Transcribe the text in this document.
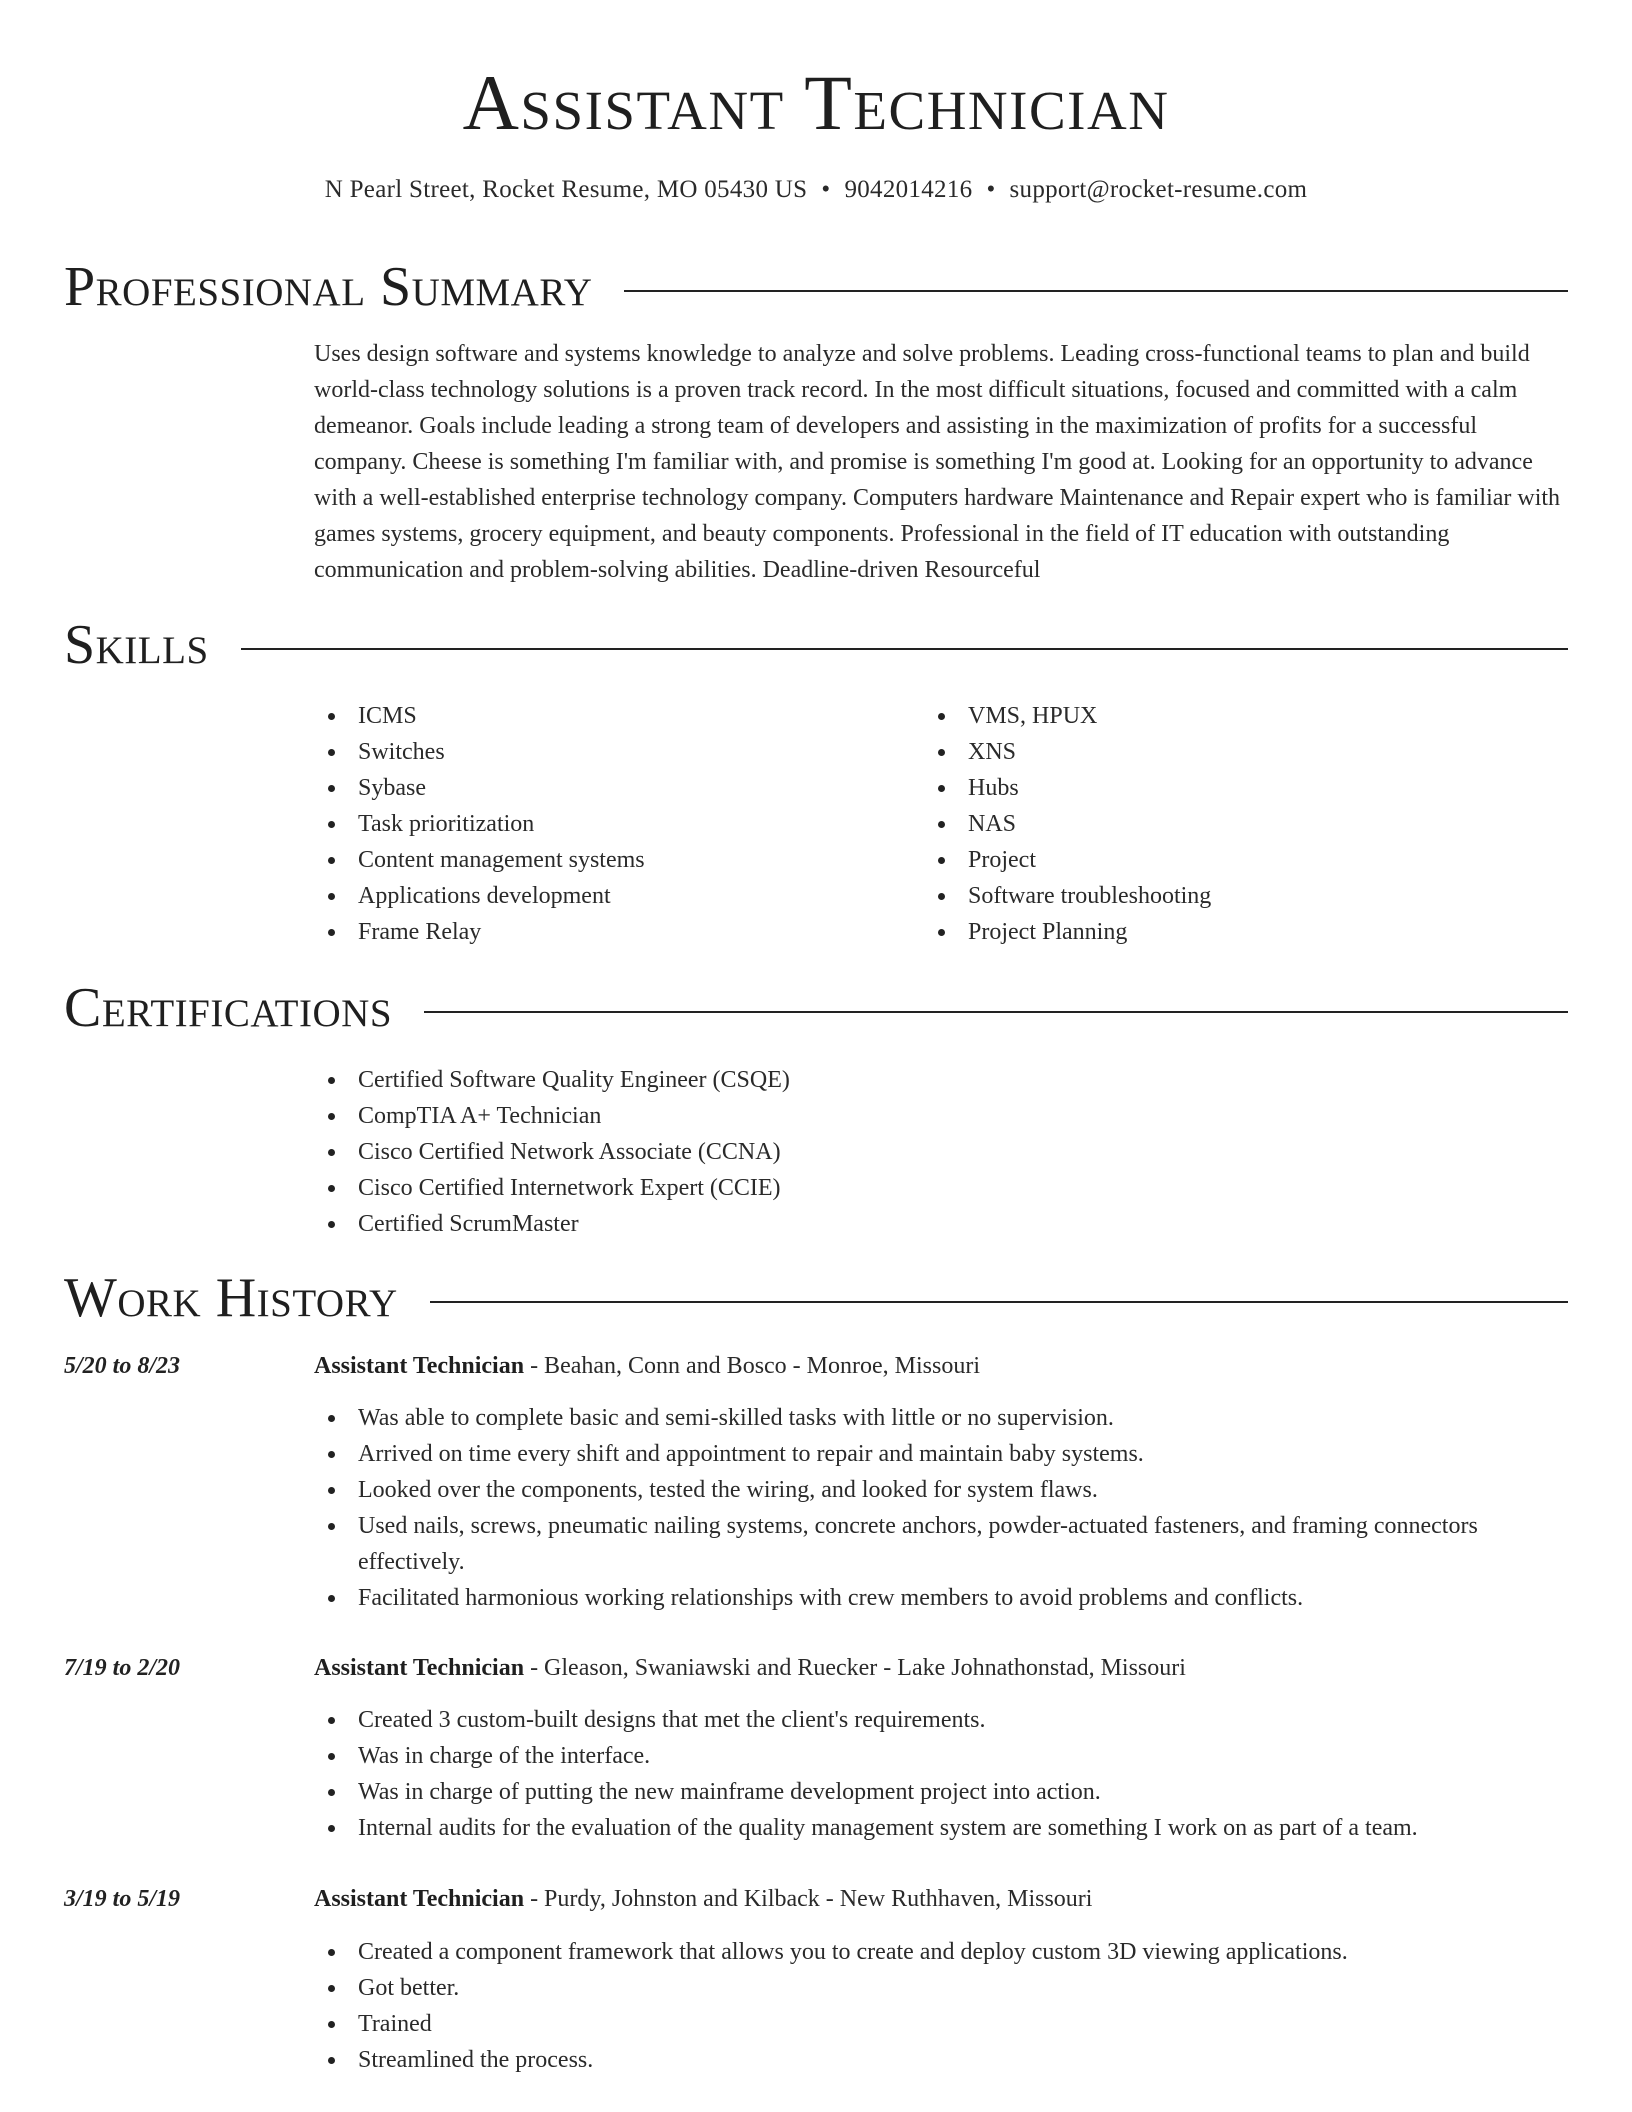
Assistant Technician
N Pearl Street, Rocket Resume, MO 05430 US • 9042014216 • support@rocket-resume.com
Professional Summary

Uses design software and systems knowledge to analyze and solve problems. Leading cross-functional teams to plan and build world-class technology solutions is a proven track record. In the most difficult situations, focused and committed with a calm demeanor. Goals include leading a strong team of developers and assisting in the maximization of profits for a successful company. Cheese is something I'm familiar with, and promise is something I'm good at. Looking for an opportunity to advance with a well-established enterprise technology company. Computers hardware Maintenance and Repair expert who is familiar with games systems, grocery equipment, and beauty components. Professional in the field of IT education with outstanding communication and problem-solving abilities. Deadline-driven Resourceful

Skills
ICMS
Switches
Sybase
Task prioritization
Content management systems
Applications development
Frame Relay
VMS, HPUX
XNS
Hubs
NAS
Project
Software troubleshooting
Project Planning
Certifications
Certified Software Quality Engineer (CSQE)
CompTIA A+ Technician
Cisco Certified Network Associate (CCNA)
Cisco Certified Internetwork Expert (CCIE)
Certified ScrumMaster
Work History
5/20 to 8/23	Assistant Technician - Beahan, Conn and Bosco - Monroe, Missouri
Was able to complete basic and semi-skilled tasks with little or no supervision.
Arrived on time every shift and appointment to repair and maintain baby systems.
Looked over the components, tested the wiring, and looked for system flaws.
Used nails, screws, pneumatic nailing systems, concrete anchors, powder-actuated fasteners, and framing connectors effectively.
Facilitated harmonious working relationships with crew members to avoid problems and conflicts.
7/19 to 2/20	Assistant Technician - Gleason, Swaniawski and Ruecker - Lake Johnathonstad, Missouri
Created 3 custom-built designs that met the client's requirements.
Was in charge of the interface.
Was in charge of putting the new mainframe development project into action.
Internal audits for the evaluation of the quality management system are something I work on as part of a team.
3/19 to 5/19	Assistant Technician - Purdy, Johnston and Kilback - New Ruthhaven, Missouri
Created a component framework that allows you to create and deploy custom 3D viewing applications.
Got better.
Trained
Streamlined the process.
